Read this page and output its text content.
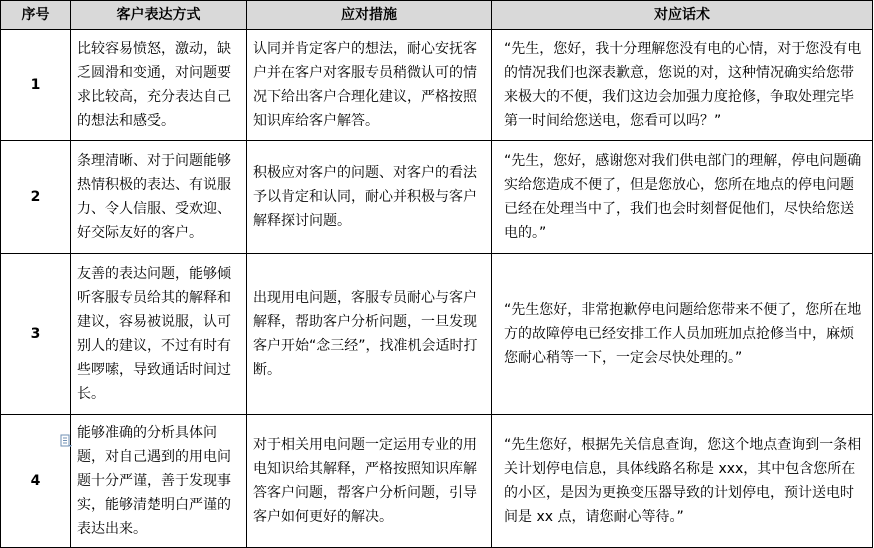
序号	客户表达方式	应对措施	对应话术
1	比较容易愤怒，激动，缺乏圆滑和变通，对问题要求比较高，充分表达自己的想法和感受。	认同并肯定客户的想法，耐心安抚客户并在客户对客服专员稍微认可的情况下给出客户合理化建议，严格按照知识库给客户解答。	“先生，您好，我十分理解您没有电的心情，对于您没有电的情况我们也深表歉意，您说的对，这种情况确实给您带来极大的不便，我们这边会加强力度抢修，争取处理完毕第一时间给您送电，您看可以吗？”
2	条理清晰、对于问题能够热情积极的表达、有说服力、令人信服、受欢迎、好交际友好的客户。	积极应对客户的问题、对客户的看法予以肯定和认同，耐心并积极与客户解释探讨问题。	“先生，您好，感谢您对我们供电部门的理解，停电问题确实给您造成不便了，但是您放心，您所在地点的停电问题已经在处理当中了，我们也会时刻督促他们，尽快给您送电的。”
3	友善的表达问题，能够倾听客服专员给其的解释和建议，容易被说服，认可别人的建议，不过有时有些啰嗦，导致通话时间过长。	出现用电问题，客服专员耐心与客户解释，帮助客户分析问题，一旦发现客户开始“念三经”，找准机会适时打断。	“先生您好，非常抱歉停电问题给您带来不便了，您所在地方的故障停电已经安排工作人员加班加点抢修当中，麻烦您耐心稍等一下，一定会尽快处理的。”
4	能够准确的分析具体问题，对自己遇到的用电问题十分严谨，善于发现事实，能够清楚明白严谨的表达出来。	对于相关用电问题一定运用专业的用电知识给其解释，严格按照知识库解答客户问题，帮客户分析问题，引导客户如何更好的解决。	“先生您好，根据先关信息查询，您这个地点查询到一条相关计划停电信息，具体线路名称是 xxx，其中包含您所在的小区，是因为更换变压器导致的计划停电，预计送电时间是 xx 点，请您耐心等待。”
